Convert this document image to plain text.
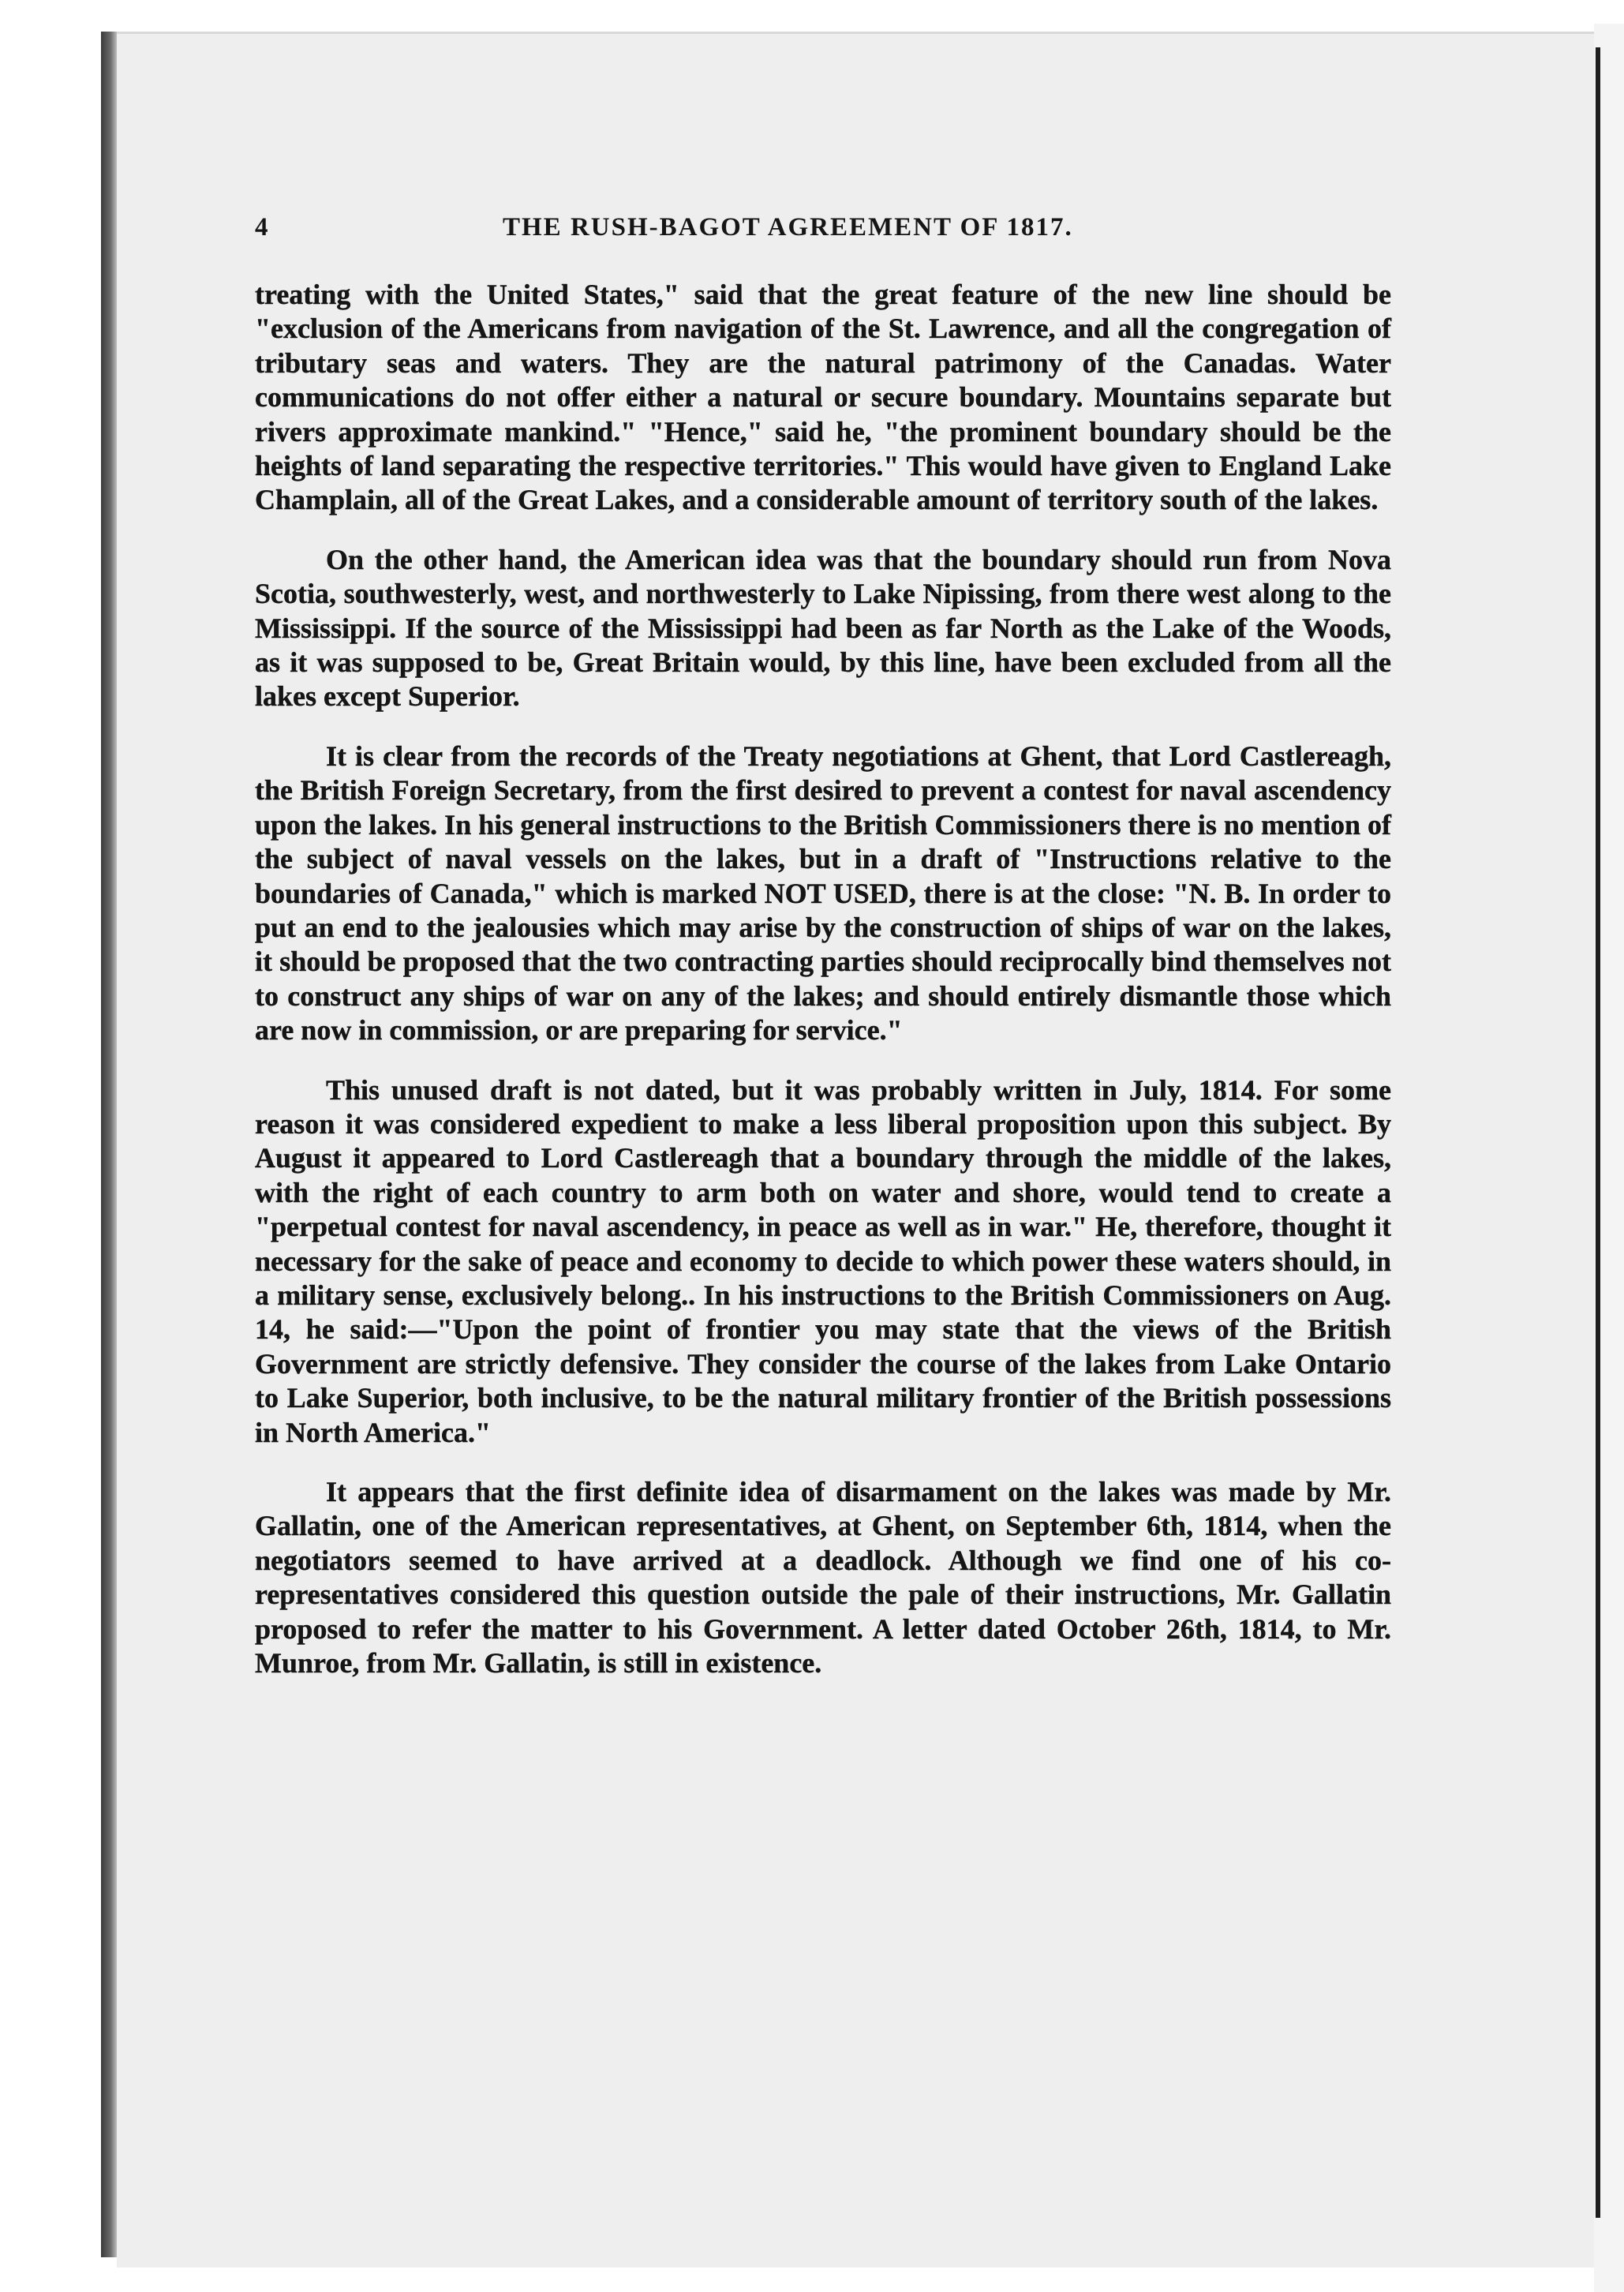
4	THE RUSH-BAGOT AGREEMENT OF 1817.

treating with the United States," said that the great feature of the new line should be "exclusion of the Americans from navigation of the St. Lawrence, and all the congregation of tributary seas and waters. They are the natural patrimony of the Canadas. Water communications do not offer either a natural or secure boundary. Mountains separate but rivers approximate mankind." "Hence," said he, "the prominent boundary should be the heights of land separating the respective territories." This would have given to England Lake Champlain, all of the Great Lakes, and a considerable amount of territory south of the lakes.

On the other hand, the American idea was that the boundary should run from Nova Scotia, southwesterly, west, and northwesterly to Lake Nipissing, from there west along to the Mississippi. If the source of the Mississippi had been as far North as the Lake of the Woods, as it was supposed to be, Great Britain would, by this line, have been excluded from all the lakes except Superior.

It is clear from the records of the Treaty negotiations at Ghent, that Lord Castlereagh, the British Foreign Secretary, from the first desired to prevent a contest for naval ascendency upon the lakes. In his general instructions to the British Commissioners there is no mention of the subject of naval vessels on the lakes, but in a draft of "Instructions relative to the boundaries of Canada," which is marked NOT USED, there is at the close: "N. B. In order to put an end to the jealousies which may arise by the construction of ships of war on the lakes, it should be proposed that the two contracting parties should reciprocally bind themselves not to construct any ships of war on any of the lakes; and should entirely dismantle those which are now in commission, or are preparing for service."

This unused draft is not dated, but it was probably written in July, 1814. For some reason it was considered expedient to make a less liberal proposition upon this subject. By August it appeared to Lord Castlereagh that a boundary through the middle of the lakes, with the right of each country to arm both on water and shore, would tend to create a "perpetual contest for naval ascendency, in peace as well as in war." He, therefore, thought it necessary for the sake of peace and economy to decide to which power these waters should, in a military sense, exclusively belong.. In his instructions to the British Commissioners on Aug. 14, he said:—"Upon the point of frontier you may state that the views of the British Government are strictly defensive. They consider the course of the lakes from Lake Ontario to Lake Superior, both inclusive, to be the natural military frontier of the British possessions in North America."

It appears that the first definite idea of disarmament on the lakes was made by Mr. Gallatin, one of the American representatives, at Ghent, on September 6th, 1814, when the negotiators seemed to have arrived at a deadlock. Although we find one of his co-representatives considered this question outside the pale of their instructions, Mr. Gallatin proposed to refer the matter to his Government. A letter dated October 26th, 1814, to Mr. Munroe, from Mr. Gallatin, is still in existence.
